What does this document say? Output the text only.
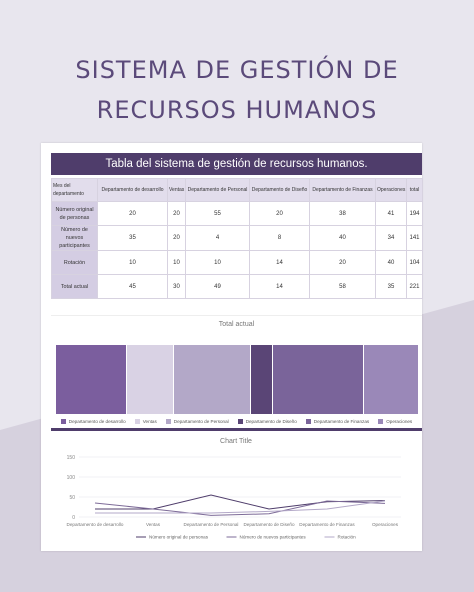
SISTEMA DE GESTIÓN DE
RECURSOS HUMANOS
Tabla del sistema de gestión de recursos humanos.
Mes del departamento	Departamento de desarrollo	Ventas	Departamento de Personal	Departamento de Diseño	Departamento de Finanzas	Operaciones	total
Número original de personas	20	20	55	20	38	41	194
Número de nuevos participantes	35	20	4	8	40	34	141
Rotación	10	10	10	14	20	40	104
Total actual	45	30	49	14	58	35	221
Total actual
Departamento de desarrollo	Ventas	Departamento de Personal	Departamento de Diseño	Departamento de Finanzas	Operaciones
Chart Title
0
50
100
150
Departamento de desarrollo	Ventas	Departamento de Personal Departamento de Diseño Departamento de Finanzas	Operaciones
Número original de personas	Número de nuevos participantes	Rotación
